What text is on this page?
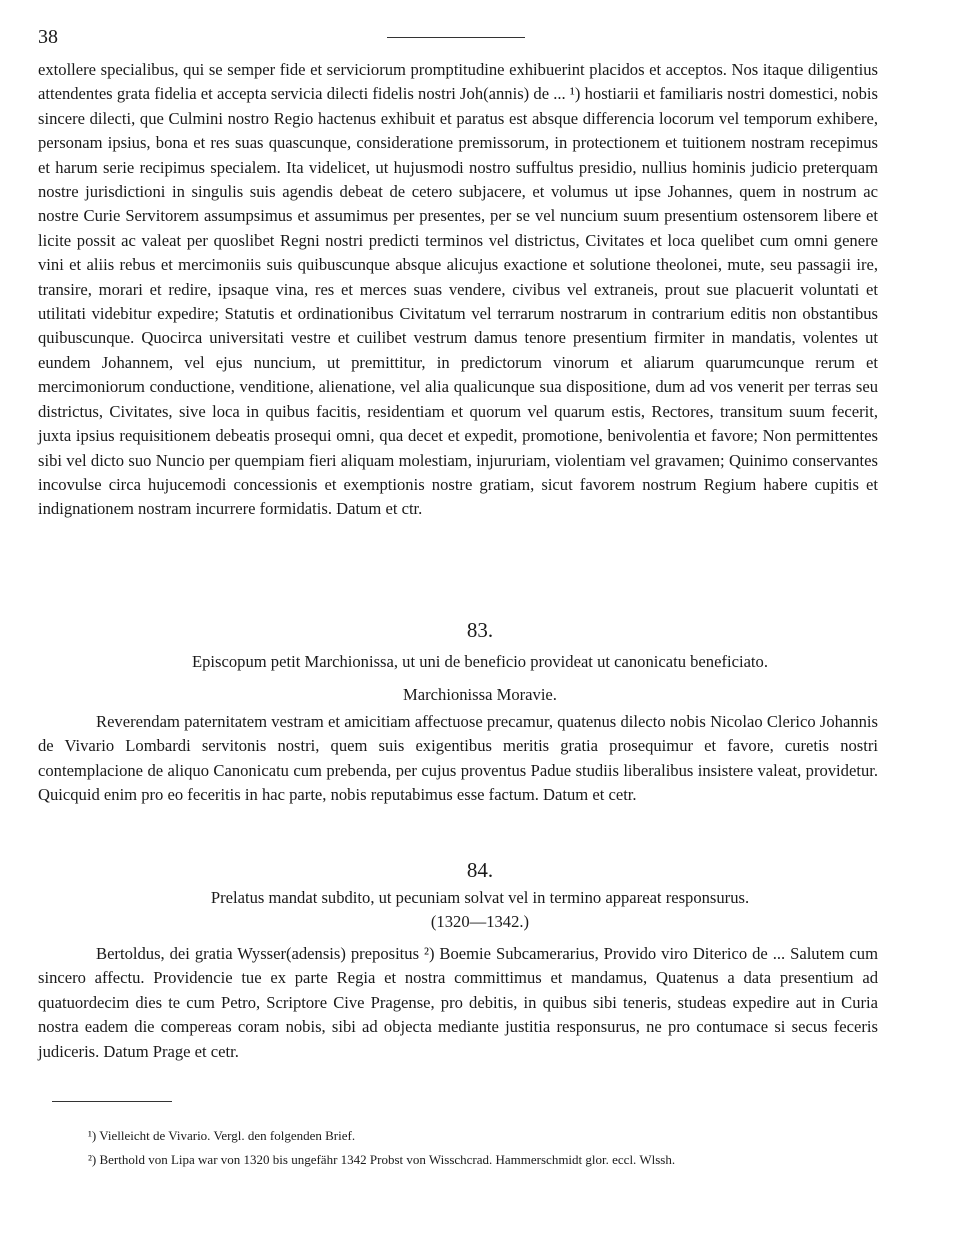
38

extollere specialibus, qui se semper fide et serviciorum promptitudine exhibuerint placidos et acceptos. Nos itaque diligentius attendentes grata fidelia et accepta servicia dilecti fidelis nostri Joh(annis) de ... ¹) hostiarii et familiaris nostri domestici, nobis sincere dilecti, que Culmini nostro Regio hactenus exhibuit et paratus est absque differencia locorum vel temporum exhibere, personam ipsius, bona et res suas quascunque, consideratione premissorum, in protectionem et tuitionem nostram recepimus et harum serie recipimus specialem. Ita videlicet, ut hujusmodi nostro suffultus presidio, nullius hominis judicio preterquam nostre jurisdictioni in singulis suis agendis debeat de cetero subjacere, et volumus ut ipse Johannes, quem in nostrum ac nostre Curie Servitorem assumpsimus et assumimus per presentes, per se vel nuncium suum presentium ostensorem libere et licite possit ac valeat per quoslibet Regni nostri predicti terminos vel districtus, Civitates et loca quelibet cum omni genere vini et aliis rebus et mercimoniis suis quibuscunque absque alicujus exactione et solutione theolonei, mute, seu passagii ire, transire, morari et redire, ipsaque vina, res et merces suas vendere, civibus vel extraneis, prout sue placuerit voluntati et utilitati videbitur expedire; Statutis et ordinationibus Civitatum vel terrarum nostrarum in contrarium editis non obstantibus quibuscunque. Quocirca universitati vestre et cuilibet vestrum damus tenore presentium firmiter in mandatis, volentes ut eundem Johannem, vel ejus nuncium, ut premittitur, in predictorum vinorum et aliarum quarumcunque rerum et mercimoniorum conductione, venditione, alienatione, vel alia qualicunque sua dispositione, dum ad vos venerit per terras seu districtus, Civitates, sive loca in quibus facitis, residentiam et quorum vel quarum estis, Rectores, transitum suum fecerit, juxta ipsius requisitionem debeatis prosequi omni, qua decet et expedit, promotione, benivolentia et favore; Non permittentes sibi vel dicto suo Nuncio per quempiam fieri aliquam molestiam, injururiam, violentiam vel gravamen; Quinimo conservantes incovulse circa hujucemodi concessionis et exemptionis nostre gratiam, sicut favorem nostrum Regium habere cupitis et indignationem nostram incurrere formidatis. Datum et ctr.

83.
Episcopum petit Marchionissa, ut uni de beneficio provideat ut canonicatu beneficiato.
Marchionissa Moravie.

Reverendam paternitatem vestram et amicitiam affectuose precamur, quatenus dilecto nobis Nicolao Clerico Johannis de Vivario Lombardi servitonis nostri, quem suis exigentibus meritis gratia prosequimur et favore, curetis nostri contemplacione de aliquo Canonicatu cum prebenda, per cujus proventus Padue studiis liberalibus insistere valeat, providetur. Quicquid enim pro eo feceritis in hac parte, nobis reputabimus esse factum. Datum et cetr.

84.
Prelatus mandat subdito, ut pecuniam solvat vel in termino appareat responsurus.
(1320—1342.)

Bertoldus, dei gratia Wysser(adensis) prepositus ²) Boemie Subcamerarius, Provido viro Diterico de ... Salutem cum sincero affectu. Providencie tue ex parte Regia et nostra committimus et mandamus, Quatenus a data presentium ad quatuordecim dies te cum Petro, Scriptore Cive Pragense, pro debitis, in quibus sibi teneris, studeas expedire aut in Curia nostra eadem die compereas coram nobis, sibi ad objecta mediante justitia responsurus, ne pro contumace si secus feceris judiceris. Datum Prage et cetr.

¹) Vielleicht de Vivario. Vergl. den folgenden Brief.
²) Berthold von Lipa war von 1320 bis ungefähr 1342 Probst von Wisschcrad. Hammerschmidt glor. eccl. Wlssh.
